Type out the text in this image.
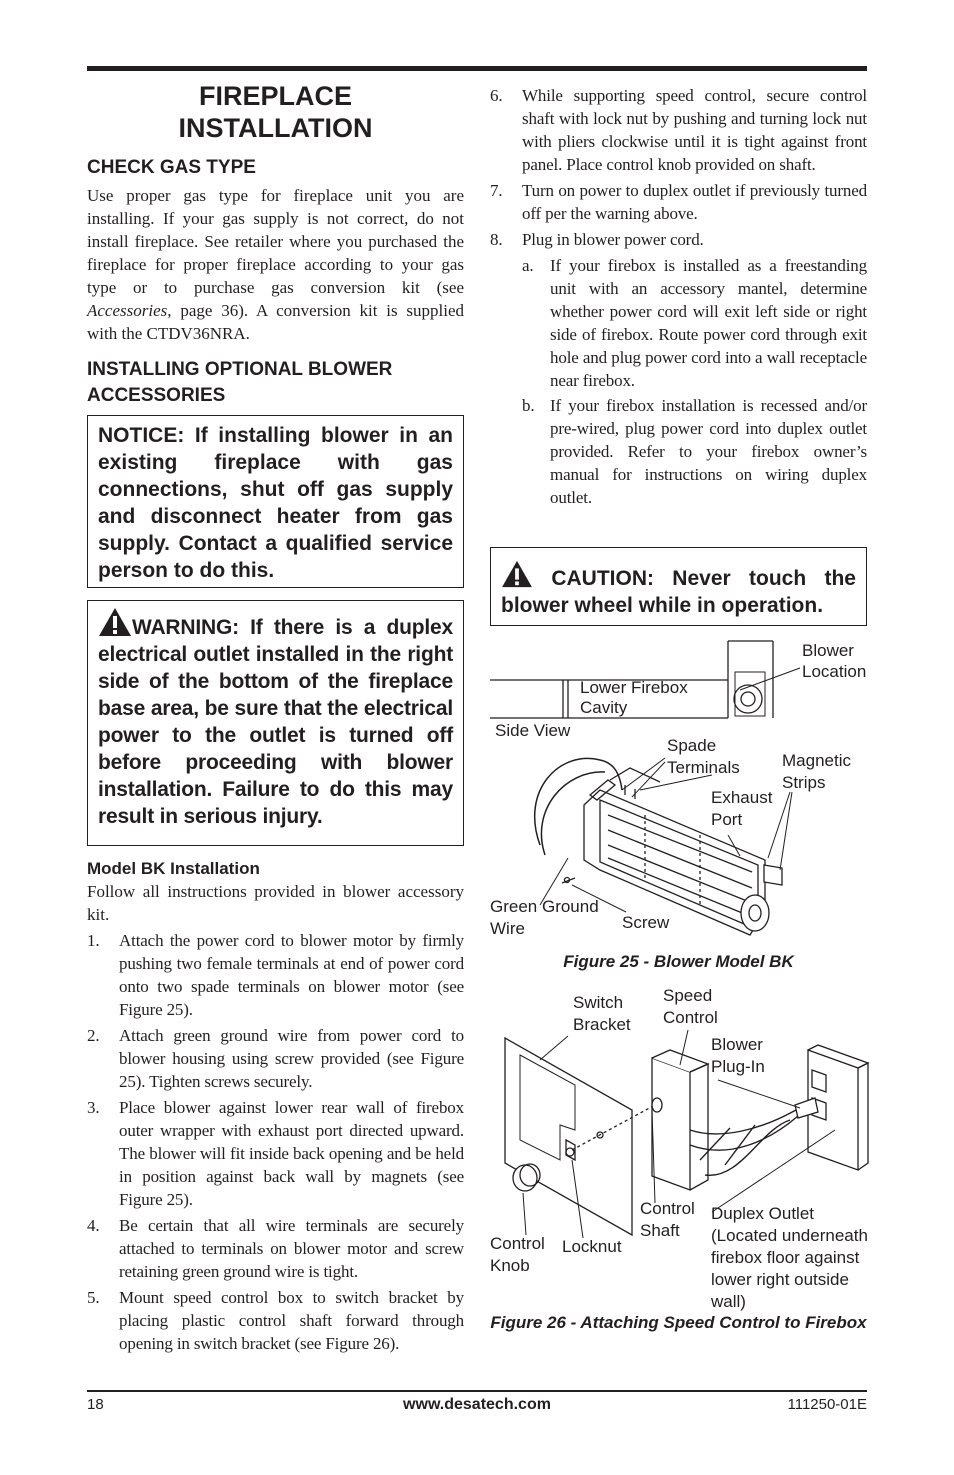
FIREPLACE
INSTALLATION
CHECK GAS TYPE

Use proper gas type for fireplace unit you are installing. If your gas supply is not correct, do not install fireplace. See retailer where you purchased the fireplace for proper fireplace according to your gas type or to purchase gas conversion kit (see Accessories, page 36). A conversion kit is supplied with the CTDV36NRA.

INSTALLING OPTIONAL BLOWER
ACCESSORIES
NOTICE: If installing blower in an existing fireplace with gas connections, shut off gas supply and disconnect heater from gas supply. Contact a qualified service person to do this.
WARNING: If there is a duplex electrical outlet installed in the right side of the bottom of the fireplace base area, be sure that the electrical power to the outlet is turned off before proceeding with blower installation. Failure to do this may result in serious injury.
Model BK Installation

Follow all instructions provided in blower accessory kit.

1. Attach the power cord to blower motor by firmly pushing two female terminals at end of power cord onto two spade terminals on blower motor (see Figure 25).
2. Attach green ground wire from power cord to blower housing using screw provided (see Figure 25). Tighten screws securely.
3. Place blower against lower rear wall of firebox outer wrapper with exhaust port directed upward. The blower will fit inside back opening and be held in position against back wall by magnets (see Figure 25).
4. Be certain that all wire terminals are securely attached to terminals on blower motor and screw retaining green ground wire is tight.
5. Mount speed control box to switch bracket by placing plastic control shaft forward through opening in switch bracket (see Figure 26).
6. While supporting speed control, secure control shaft with lock nut by pushing and turning lock nut with pliers clockwise until it is tight against front panel. Place control knob provided on shaft.
7. Turn on power to duplex outlet if previously turned off per the warning above.
8. Plug in blower power cord.
a. If your firebox is installed as a freestanding unit with an accessory mantel, determine whether power cord will exit left side or right side of firebox. Route power cord through exit hole and plug power cord into a wall receptacle near firebox.
b. If your firebox installation is recessed and/or pre-wired, plug power cord into duplex outlet provided. Refer to your firebox owner’s manual for instructions on wiring duplex outlet.
CAUTION: Never touch the blower wheel while in operation.
Blower Location
Lower Firebox Cavity
Side View
Spade Terminals	Magnetic Strips
Exhaust Port
Green Ground Wire	Screw
Figure 25 - Blower Model BK
Switch Bracket
Speed Control
Blower Plug-In
Control Shaft
Duplex Outlet (Located underneath firebox floor against lower right outside wall)
Control Knob
Locknut
Figure 26 - Attaching Speed Control to Firebox
18	www.desatech.com	111250-01E
